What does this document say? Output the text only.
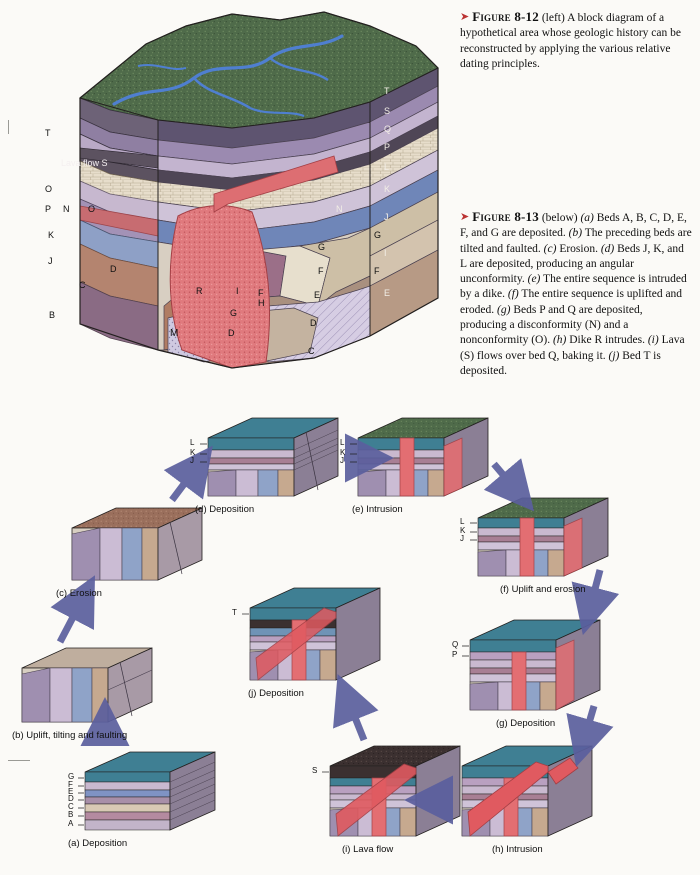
T
O
P N O
K
J
C
D
B
M
R
D
G
H
F
I
C
D
E
F
G
T
S
Q
P
N
L
K
J
I
E
G
F
Lava flow S
➤ Figure 8-12 (left) A block diagram of a hypothetical area whose geologic history can be reconstructed by applying the various relative dating principles.
➤ Figure 8-13 (below) (a) Beds A, B, C, D, E, F, and G are deposited. (b) The preceding beds are tilted and faulted. (c) Erosion. (d) Beds J, K, and L are deposited, producing an angular unconformity. (e) The entire sequence is intruded by a dike. (f) The entire sequence is uplifted and eroded. (g) Beds P and Q are deposited, producing a disconformity (N) and a nonconformity (O). (h) Dike R intrudes. (i) Lava (S) flows over bed Q, baking it. (j) Bed T is deposited.
G
F
E
D
C
B
A
L
K
J
L
K
J
L
K
J
Q
P
S
T
(a) Deposition
(b) Uplift, tilting and faulting
(c) Erosion
(d) Deposition	(e) Intrusion
(f) Uplift and erosion
(g) Deposition
(h) Intrusion
(i) Lava flow
(j) Deposition
